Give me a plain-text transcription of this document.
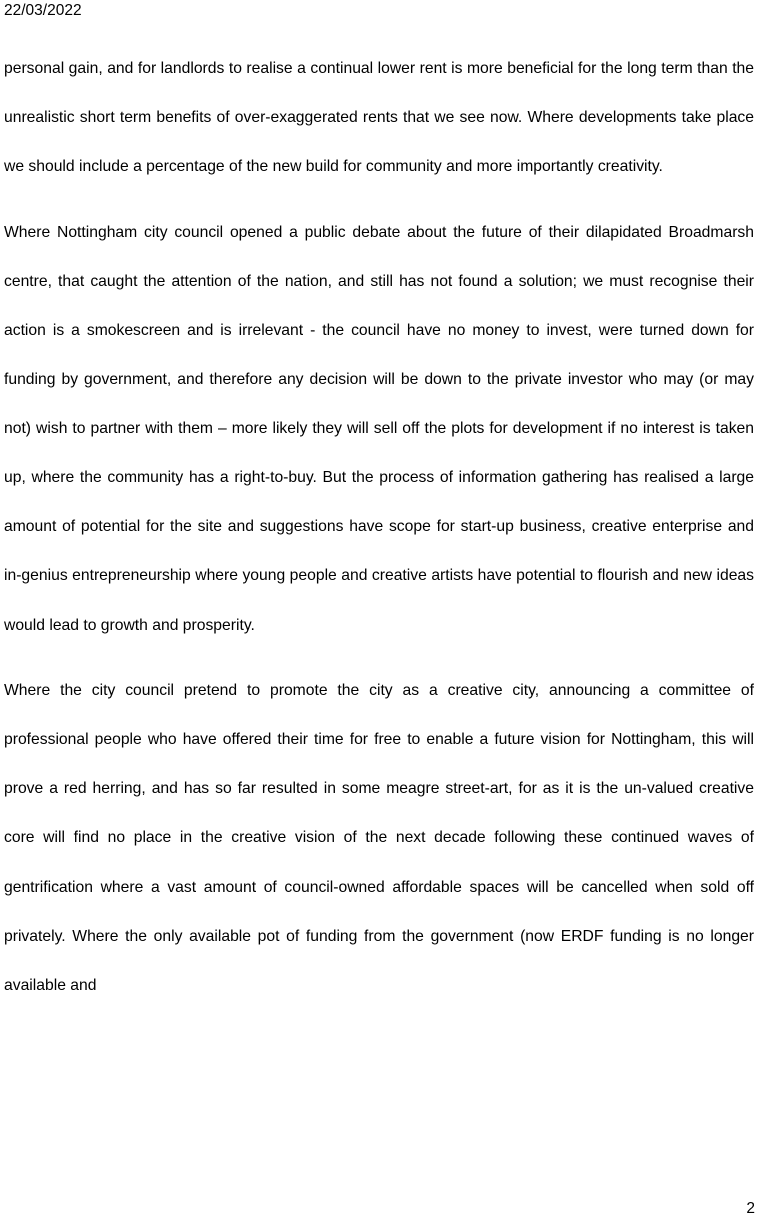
22/03/2022

personal gain, and for landlords to realise a continual lower rent is more beneficial for the long term than the unrealistic short term benefits of over-exaggerated rents that we see now. Where developments take place we should include a percentage of the new build for community and more importantly creativity.

Where Nottingham city council opened a public debate about the future of their dilapidated Broadmarsh centre, that caught the attention of the nation, and still has not found a solution; we must recognise their action is a smokescreen and is irrelevant - the council have no money to invest, were turned down for funding by government, and therefore any decision will be down to the private investor who may (or may not) wish to partner with them – more likely they will sell off the plots for development if no interest is taken up, where the community has a right-to-buy. But the process of information gathering has realised a large amount of potential for the site and suggestions have scope for start-up business, creative enterprise and in-genius entrepreneurship where young people and creative artists have potential to flourish and new ideas would lead to growth and prosperity.

Where the city council pretend to promote the city as a creative city, announcing a committee of professional people who have offered their time for free to enable a future vision for Nottingham, this will prove a red herring, and has so far resulted in some meagre street-art, for as it is the un-valued creative core will find no place in the creative vision of the next decade following these continued waves of gentrification where a vast amount of council-owned affordable spaces will be cancelled when sold off privately. Where the only available pot of funding from the government (now ERDF funding is no longer available and

2
